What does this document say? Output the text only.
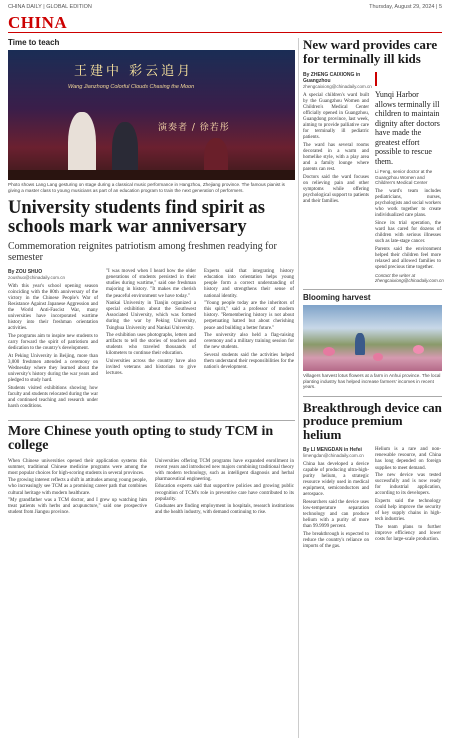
CHINA DAILY | GLOBAL EDITION	Thursday, August 29, 2024 | 5
CHINA
Time to teach
王建中 彩云追月
Wang Jianzhong Colorful Clouds Chasing the Moon
演奏者 / 徐若彤
Photo shows Lang Lang gesturing on stage during a classical music performance in Hangzhou, Zhejiang province. The famous pianist is giving a master class to young musicians as part of an education program to train the next generation of performers.
University students find spirit as schools mark war anniversary
Commemoration reignites patriotism among freshmen readying for semester
By ZOU SHUO
zoushuo@chinadaily.com.cn

With this year's school opening season coinciding with the 80th anniversary of the victory in the Chinese People's War of Resistance Against Japanese Aggression and the World Anti-Fascist War, many universities have incorporated wartime history into their freshman orientation activities.

The programs aim to inspire new students to carry forward the spirit of patriotism and dedication to the country's development.

At Peking University in Beijing, more than 3,000 freshmen attended a ceremony on Wednesday where they learned about the university's history during the war years and pledged to study hard.

Students visited exhibitions showing how faculty and students relocated during the war and continued teaching and research under harsh conditions.

"I was moved when I heard how the older generations of students persisted in their studies during wartime," said one freshman majoring in history. "It makes me cherish the peaceful environment we have today."

Nankai University in Tianjin organized a special exhibition about the Southwest Associated University, which was formed during the war by Peking University, Tsinghua University and Nankai University.

The exhibition uses photographs, letters and artifacts to tell the stories of teachers and students who traveled thousands of kilometers to continue their education.

Universities across the country have also invited veterans and historians to give lectures.

Experts said that integrating history education into orientation helps young people form a correct understanding of history and strengthens their sense of national identity.

"Young people today are the inheritors of this spirit," said a professor of modern history. "Remembering history is not about perpetuating hatred but about cherishing peace and building a better future."

The university also held a flag-raising ceremony and a military training session for the new students.

Several students said the activities helped them understand their responsibilities for the nation's development.

More Chinese youth opting to study TCM in college

When Chinese universities opened their application systems this summer, traditional Chinese medicine programs were among the most popular choices for high-scoring students in several provinces.

The growing interest reflects a shift in attitudes among young people, who increasingly see TCM as a promising career path that combines cultural heritage with modern healthcare.

"My grandfather was a TCM doctor, and I grew up watching him treat patients with herbs and acupuncture," said one prospective student from Jiangsu province.

Universities offering TCM programs have expanded enrollment in recent years and introduced new majors combining traditional theory with modern technology, such as intelligent diagnosis and herbal pharmaceutical engineering.

Education experts said that supportive policies and growing public recognition of TCM's role in preventive care have contributed to its popularity.

Graduates are finding employment in hospitals, research institutions and the health industry, with demand continuing to rise.

New ward provides care for terminally ill kids
By ZHENG CAIXIONG in Guangzhou
zhengcaixiong@chinadaily.com.cn

A special children's ward built by the Guangzhou Women and Children's Medical Center officially opened in Guangzhou, Guangdong province, last week, aiming to provide palliative care for terminally ill pediatric patients.

The ward has several rooms decorated in a warm and homelike style, with a play area and a family lounge where parents can rest.

Doctors said the ward focuses on relieving pain and other symptoms while offering psychological support to patients and their families.

Yunqi Harbor allows terminally ill children to maintain dignity after doctors have made the greatest effort possible to rescue them.
Li Feng, senior doctor at the Guangzhou Women and Children's Medical Center

The ward's team includes pediatricians, nurses, psychologists and social workers who work together to create individualized care plans.

Since its trial operation, the ward has cared for dozens of children with serious illnesses such as late-stage cancer.

Parents said the environment helped their children feel more relaxed and allowed families to spend precious time together.

Contact the writer at zhengcaixiong@chinadaily.com.cn
Blooming harvest
Villagers harvest lotus flowers at a farm in Anhui province. The local planting industry has helped increase farmers' incomes in recent years.
Breakthrough device can produce premium helium
By LI MENGDAN in Hefei
limengdan@chinadaily.com.cn

China has developed a device capable of producing ultra-high-purity helium, a strategic resource widely used in medical equipment, semiconductors and aerospace.

Researchers said the device uses low-temperature separation technology and can produce helium with a purity of more than 99.9999 percent.

The breakthrough is expected to reduce the country's reliance on imports of the gas.

Helium is a rare and non-renewable resource, and China has long depended on foreign supplies to meet demand.

The new device was tested successfully and is now ready for industrial application, according to its developers.

Experts said the technology could help improve the security of key supply chains in high-tech industries.

The team plans to further improve efficiency and lower costs for large-scale production.
